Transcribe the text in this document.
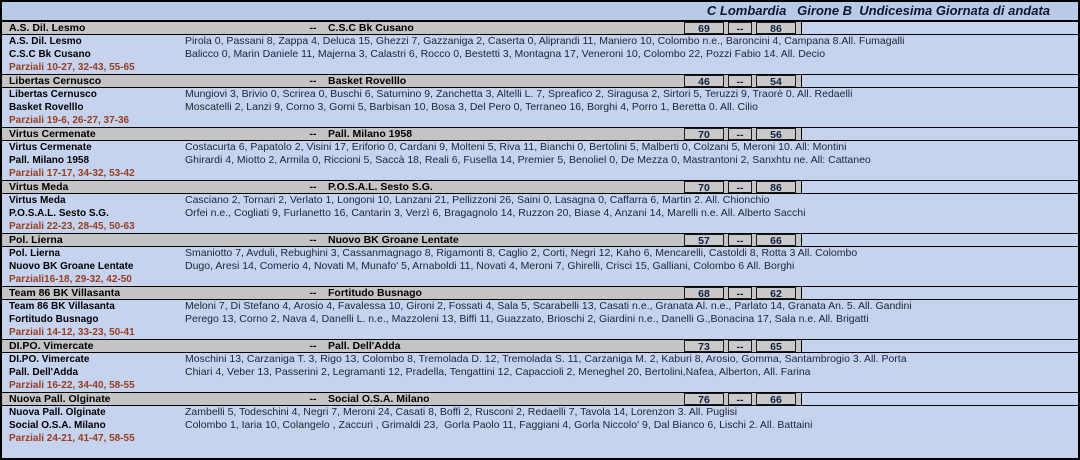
C Lombardia   Girone B  Undicesima Giornata di andata
A.S. Dil. Lesmo	--	C.S.C Bk Cusano	69	--	86
A.S. Dil. Lesmo	Pirola 0, Passani 8, Zappa 4, Deluca 15, Ghezzi 7, Gazzaniga 2, Caserta 0, Aliprandi 11, Maniero 10, Colombo n.e., Baroncini 4, Campana 8.All. Fumagalli
C.S.C Bk Cusano	Balicco 0, Marin Daniele 11, Majerna 3, Calastri 6, Rocco 0, Bestetti 3, Montagna 17, Veneroni 10, Colombo 22, Pozzi Fabio 14. All. Decio
Parziali 10-27, 32-43, 55-65
Libertas Cernusco	--	Basket Rovelllo	46	--	54
Libertas Cernusco	Mungiovi 3, Brivio 0, Scrirea 0, Buschi 6, Saturnino 9, Zanchetta 3, Altelli L. 7, Spreafico 2, Siragusa 2, Sirtori 5, Teruzzi 9, Traorè 0. All. Redaelli
Basket Rovelllo	Moscatelli 2, Lanzi 9, Corno 3, Gorni 5, Barbisan 10, Bosa 3, Del Pero 0, Terraneo 16, Borghi 4, Porro 1, Beretta 0. All. Cilio
Parziali 19-6, 26-27, 37-36
Virtus Cermenate	--	Pall. Milano 1958	70	--	56
Virtus Cermenate	Costacurta 6, Papatolo 2, Visini 17, Eriforio 0, Cardani 9, Molteni 5, Riva 11, Bianchi 0, Bertolini 5, Malberti 0, Colzani 5, Meroni 10. All: Montini
Pall. Milano 1958	Ghirardi 4, Miotto 2, Armila 0, Riccioni 5, Saccà 18, Reali 6, Fusella 14, Premier 5, Benoliel 0, De Mezza 0, Mastrantoni 2, Sanxhtu ne. All: Cattaneo
Parziali 17-17, 34-32, 53-42
Virtus Meda	--	P.O.S.A.L. Sesto S.G.	70	--	86
Virtus Meda	Casciano 2, Tornari 2, Verlato 1, Longoni 10, Lanzani 21, Pellizzoni 26, Saini 0, Lasagna 0, Caffarra 6, Martin 2. All. Chionchio
P.O.S.A.L. Sesto S.G.	Orfei n.e., Cogliati 9, Furlanetto 16, Cantarin 3, Verzì 6, Bragagnolo 14, Ruzzon 20, Biase 4, Anzani 14, Marelli n.e. All. Alberto Sacchi
Parziali 22-23, 28-45, 50-63
Pol. Lierna	--	Nuovo BK Groane Lentate	57	--	66
Pol. Lierna	Smaniotto 7, Avduli, Rebughini 3, Cassanmagnago 8, Rigamonti 8, Caglio 2, Corti, Negri 12, Kaho 6, Mencarelli, Castoldi 8, Rotta 3 All. Colombo
Nuovo BK Groane Lentate	Dugo, Aresi 14, Comerio 4, Novati M, Munafo' 5, Arnaboldi 11, Novati 4, Meroni 7, Ghirelli, Crisci 15, Galliani, Colombo 6 All. Borghi
Parziali16-18, 29-32, 42-50
Team 86 BK Villasanta	--	Fortitudo Busnago	68	--	62
Team 86 BK Villasanta	Meloni 7, Di Stefano 4, Arosio 4, Favalessa 10, Gironi 2, Fossati 4, Sala 5, Scarabelli 13, Casati n.e., Granata Al. n.e., Parlato 14, Granata An. 5. All. Gandini
Fortitudo Busnago	Perego 13, Corno 2, Nava 4, Danelli L. n.e., Mazzoleni 13, Biffi 11, Guazzato, Brioschi 2, Giardini n.e., Danelli G.,Bonacina 17, Sala n.e. All. Brigatti
Parziali 14-12, 33-23, 50-41
DI.PO. Vimercate	--	Pall. Dell'Adda	73	--	65
DI.PO. Vimercate	Moschini 13, Carzaniga T. 3, Rigo 13, Colombo 8, Tremolada D. 12, Tremolada S. 11, Carzaniga M. 2, Kaburi 8, Arosio, Gomma, Santambrogio 3. All. Porta
Pall. Dell'Adda	Chiari 4, Veber 13, Passerini 2, Legramanti 12, Pradella, Tengattini 12, Capaccioli 2, Meneghel 20, Bertolini,Nafea, Alberton, All. Farina
Parziali 16-22, 34-40, 58-55
Nuova Pall. Olginate	--	Social O.S.A. Milano	76	--	66
Nuova Pall. Olginate	Zambelli 5, Todeschini 4, Negri 7, Meroni 24, Casati 8, Boffi 2, Rusconi 2, Redaelli 7, Tavola 14, Lorenzon 3. All. Puglisi
Social O.S.A. Milano	Colombo 1, Iaria 10, Colangelo , Zaccuri , Grimaldi 23,  Gorla Paolo 11, Faggiani 4, Gorla Niccolo' 9, Dal Bianco 6, Lischi 2. All. Battaini
Parziali 24-21, 41-47, 58-55
